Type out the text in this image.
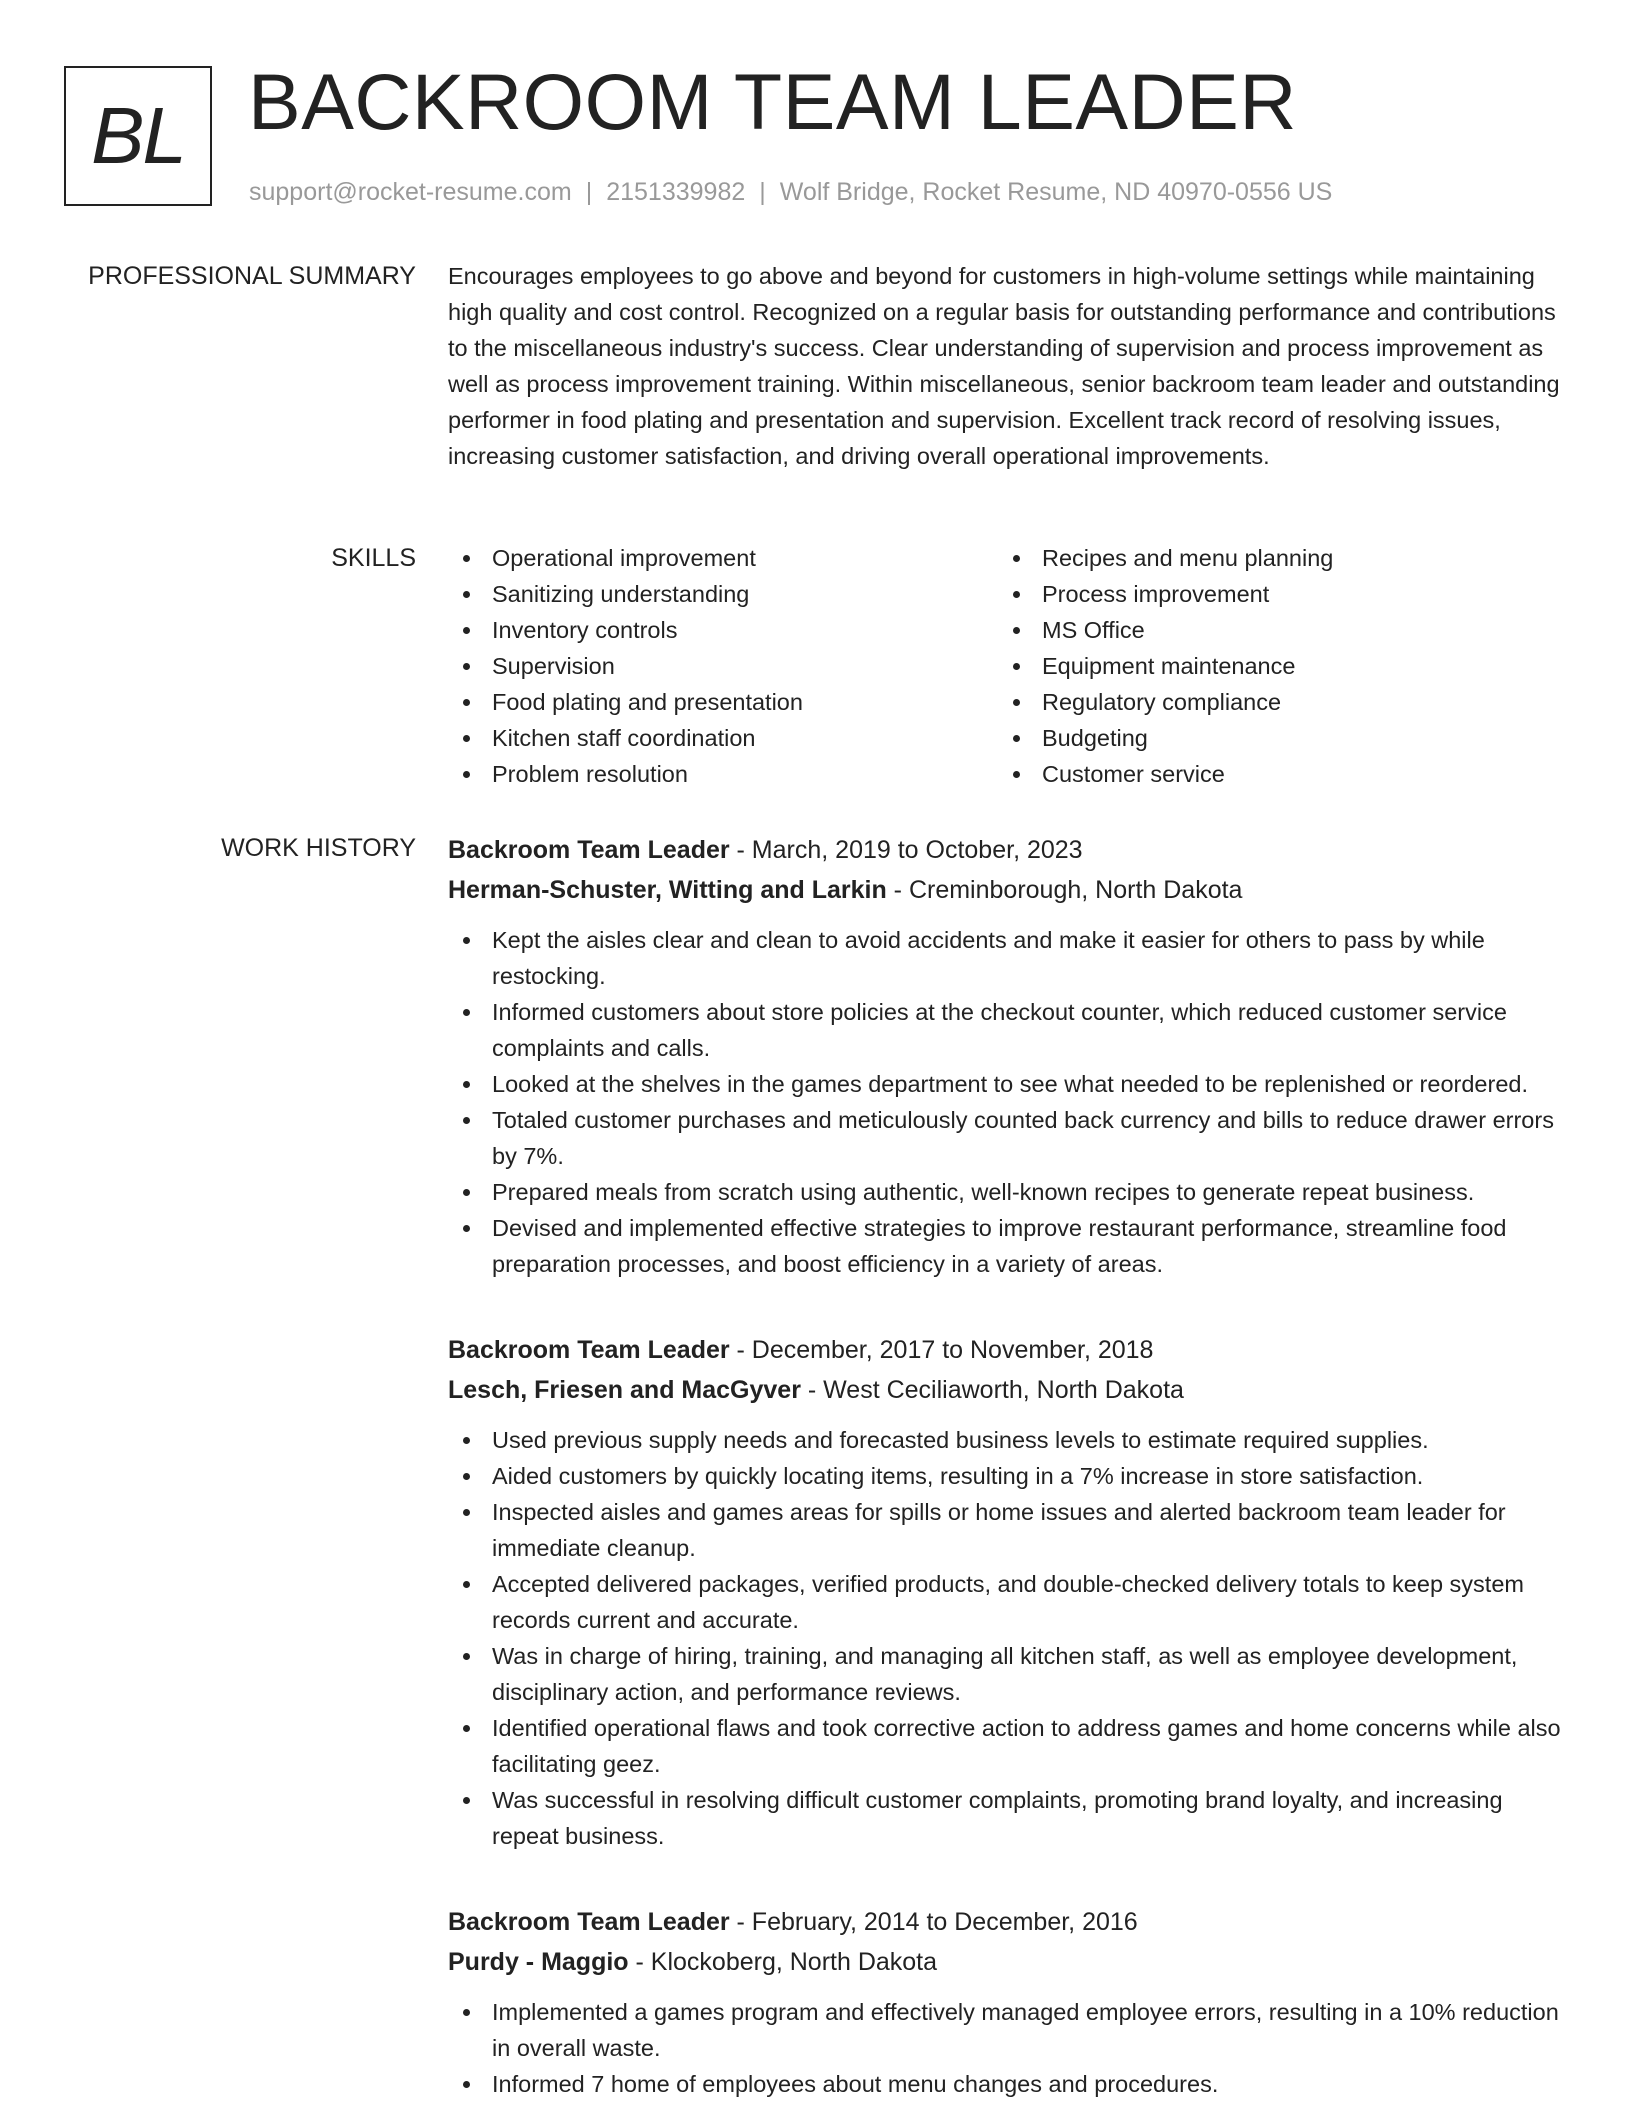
BL BACKROOM TEAM LEADER
support@rocket-resume.com | 2151339982 | Wolf Bridge, Rocket Resume, ND 40970-0556 US
PROFESSIONAL SUMMARY Encourages employees to go above and beyond for customers in high-volume settings while maintaining high quality and cost control. Recognized on a regular basis for outstanding performance and contributions to the miscellaneous industry's success. Clear understanding of supervision and process improvement as well as process improvement training. Within miscellaneous, senior backroom team leader and outstanding performer in food plating and presentation and supervision. Excellent track record of resolving issues, increasing customer satisfaction, and driving overall operational improvements.

SKILLS	Operational improvement
Sanitizing understanding
Inventory controls
Supervision
Food plating and presentation
Kitchen staff coordination
Problem resolution
Recipes and menu planning
Process improvement
MS Office
Equipment maintenance
Regulatory compliance
Budgeting
Customer service
WORK HISTORY Backroom Team Leader - March, 2019 to October, 2023

Herman-Schuster, Witting and Larkin - Creminborough, North Dakota

Kept the aisles clear and clean to avoid accidents and make it easier for others to pass by while restocking.
Informed customers about store policies at the checkout counter, which reduced customer service complaints and calls.
Looked at the shelves in the games department to see what needed to be replenished or reordered.
Totaled customer purchases and meticulously counted back currency and bills to reduce drawer errors by 7%.
Prepared meals from scratch using authentic, well-known recipes to generate repeat business.
Devised and implemented effective strategies to improve restaurant performance, streamline food preparation processes, and boost efficiency in a variety of areas.

Backroom Team Leader - December, 2017 to November, 2018

Lesch, Friesen and MacGyver - West Ceciliaworth, North Dakota

Used previous supply needs and forecasted business levels to estimate required supplies.
Aided customers by quickly locating items, resulting in a 7% increase in store satisfaction.
Inspected aisles and games areas for spills or home issues and alerted backroom team leader for immediate cleanup.
Accepted delivered packages, verified products, and double-checked delivery totals to keep system records current and accurate.
Was in charge of hiring, training, and managing all kitchen staff, as well as employee development, disciplinary action, and performance reviews.
Identified operational flaws and took corrective action to address games and home concerns while also facilitating geez.
Was successful in resolving difficult customer complaints, promoting brand loyalty, and increasing repeat business.

Backroom Team Leader - February, 2014 to December, 2016

Purdy - Maggio - Klockoberg, North Dakota

Implemented a games program and effectively managed employee errors, resulting in a 10% reduction in overall waste.
Informed 7 home of employees about menu changes and procedures.
